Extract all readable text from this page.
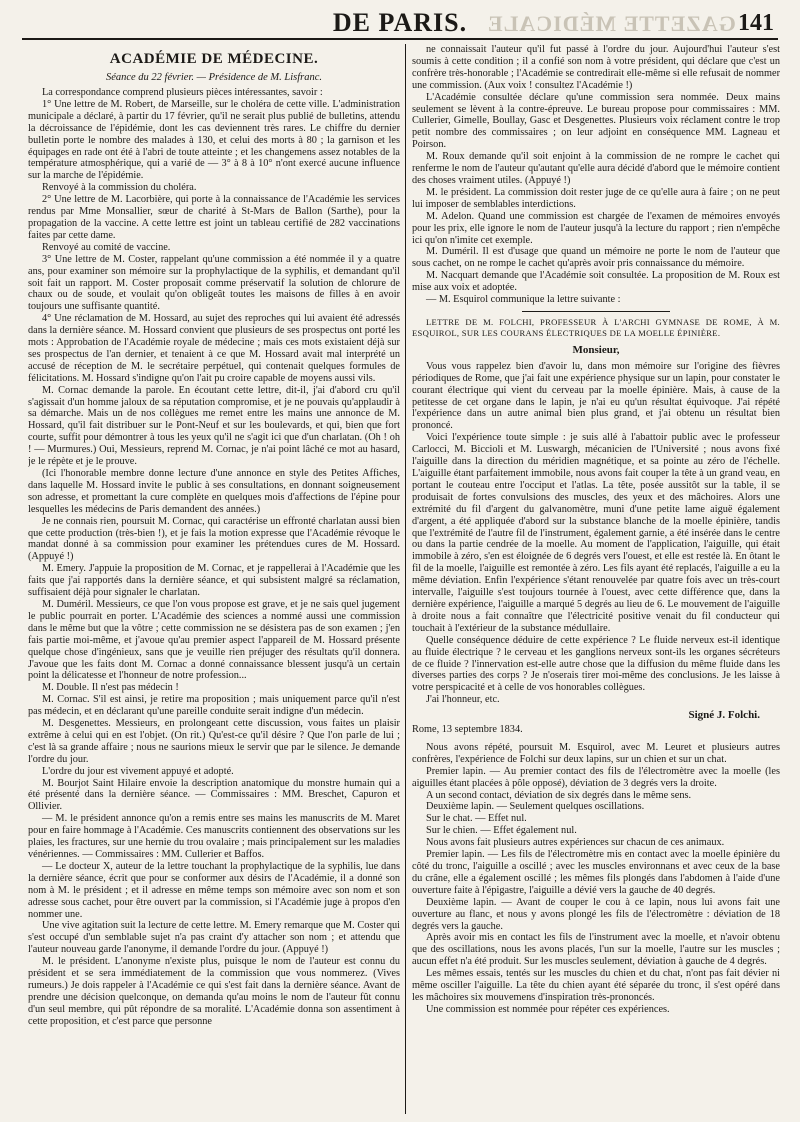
GAZETTE MÉDICALE
DE PARIS.	141
ACADÉMIE DE MÉDECINE.
Séance du 22 février. — Présidence de M. Lisfranc.

La correspondance comprend plusieurs pièces intéressantes, savoir :

1° Une lettre de M. Robert, de Marseille, sur le choléra de cette ville. L'administration municipale a déclaré, à partir du 17 février, qu'il ne serait plus publié de bulletins, attendu la décroissance de l'épidémie, dont les cas deviennent très rares. Le chiffre du dernier bulletin porte le nombre des malades à 130, et celui des morts à 80 ; la garnison et les équipages en rade ont été à l'abri de toute atteinte ; et les changemens assez notables de la température atmosphérique, qui a varié de — 3° à 8 à 10° n'ont exercé aucune influence sur la marche de l'épidémie.

Renvoyé à la commission du choléra.

2° Une lettre de M. Lacorbière, qui porte à la connaissance de l'Académie les services rendus par Mme Monsallier, sœur de charité à St-Mars de Ballon (Sarthe), pour la propagation de la vaccine. A cette lettre est joint un tableau certifié de 282 vaccinations faites par cette dame.

Renvoyé au comité de vaccine.

3° Une lettre de M. Coster, rappelant qu'une commission a été nommée il y a quatre ans, pour examiner son mémoire sur la prophylactique de la syphilis, et demandant qu'il soit fait un rapport. M. Coster proposait comme préservatif la solution de chlorure de chaux ou de soude, et voulait qu'on obligeât toutes les maisons de filles à en avoir toujours une suffisante quantité.

4° Une réclamation de M. Hossard, au sujet des reproches qui lui avaient été adressés dans la dernière séance. M. Hossard convient que plusieurs de ses prospectus ont porté les mots : Approbation de l'Académie royale de médecine ; mais ces mots existaient déjà sur ses prospectus de l'an dernier, et tenaient à ce que M. Hossard avait mal interprété un accusé de réception de M. le secrétaire perpétuel, qui contenait quelques formules de félicitations. M. Hossard s'indigne qu'on l'ait pu croire capable de moyens aussi vils.

M. Cornac demande la parole. En écoutant cette lettre, dit-il, j'ai d'abord cru qu'il s'agissait d'un homme jaloux de sa réputation compromise, et je ne pouvais qu'applaudir à sa démarche. Mais un de nos collègues me remet entre les mains une annonce de M. Hossard, qu'il fait distribuer sur le Pont-Neuf et sur les boulevards, et qui, bien que fort courte, suffit pour démontrer à tous les yeux qu'il ne s'agit ici que d'un charlatan. (Oh ! oh ! — Murmures.) Oui, Messieurs, reprend M. Cornac, je n'ai point lâché ce mot au hasard, je le répète et je le prouve.

(Ici l'honorable membre donne lecture d'une annonce en style des Petites Affiches, dans laquelle M. Hossard invite le public à ses consultations, en donnant soigneusement son adresse, et promettant la cure complète en quelques mois d'affections de l'épine pour lesquelles les médecins de Paris demandent des années.)

Je ne connais rien, poursuit M. Cornac, qui caractérise un effronté charlatan aussi bien que cette production (très-bien !), et je fais la motion expresse que l'Académie révoque le mandat donné à sa commission pour examiner les prétendues cures de M. Hossard. (Appuyé !)

M. Emery. J'appuie la proposition de M. Cornac, et je rappellerai à l'Académie que les faits que j'ai rapportés dans la dernière séance, et qui subsistent malgré sa réclamation, suffisaient déjà pour signaler le charlatan.

M. Duméril. Messieurs, ce que l'on vous propose est grave, et je ne sais quel jugement le public pourrait en porter. L'Académie des sciences a nommé aussi une commission dans le même but que la vôtre ; cette commission ne se désistera pas de son examen ; j'en fais partie moi-même, et j'avoue qu'au premier aspect l'appareil de M. Hossard présente quelque chose d'ingénieux, sans que je veuille rien préjuger des résultats qu'il donnera. J'avoue que les faits dont M. Cornac a donné connaissance blessent jusqu'à un certain point la délicatesse et l'honneur de notre profession...

M. Double. Il n'est pas médecin !

M. Cornac. S'il est ainsi, je retire ma proposition ; mais uniquement parce qu'il n'est pas médecin, et en déclarant qu'une pareille conduite serait indigne d'un médecin.

M. Desgenettes. Messieurs, en prolongeant cette discussion, vous faites un plaisir extrême à celui qui en est l'objet. (On rit.) Qu'est-ce qu'il désire ? Que l'on parle de lui ; c'est là sa grande affaire ; nous ne saurions mieux le servir que par le silence. Je demande l'ordre du jour.

L'ordre du jour est vivement appuyé et adopté.

M. Bourjot Saint Hilaire envoie la description anatomique du monstre humain qui a été présenté dans la dernière séance. — Commissaires : MM. Breschet, Capuron et Ollivier.

— M. le président annonce qu'on a remis entre ses mains les manuscrits de M. Maret pour en faire hommage à l'Académie. Ces manuscrits contiennent des observations sur les plaies, les fractures, sur une hernie du trou ovalaire ; mais principalement sur les maladies vénériennes. — Commissaires : MM. Cullerier et Baffos.

— Le docteur X, auteur de la lettre touchant la prophylactique de la syphilis, lue dans la dernière séance, écrit que pour se conformer aux désirs de l'Académie, il a donné son nom à M. le président ; et il adresse en même temps son mémoire avec son nom et son adresse sous cachet, pour être ouvert par la commission, si l'Académie juge à propos d'en nommer une.

Une vive agitation suit la lecture de cette lettre. M. Emery remarque que M. Coster qui s'est occupé d'un semblable sujet n'a pas craint d'y attacher son nom ; et attendu que l'auteur nouveau garde l'anonyme, il demande l'ordre du jour. (Appuyé !)

M. le président. L'anonyme n'existe plus, puisque le nom de l'auteur est connu du président et se sera immédiatement de la commission que vous nommerez. (Vives rumeurs.) Je dois rappeler à l'Académie ce qui s'est fait dans la dernière séance. Avant de prendre une décision quelconque, on demanda qu'au moins le nom de l'auteur fût connu d'un seul membre, qui pût répondre de sa moralité. L'Académie donna son assentiment à cette proposition, et c'est parce que personne

ne connaissait l'auteur qu'il fut passé à l'ordre du jour. Aujourd'hui l'auteur s'est soumis à cette condition ; il a confié son nom à votre président, qui déclare que c'est un confrère très-honorable ; l'Académie se contredirait elle-même si elle refusait de nommer une commission. (Aux voix ! consultez l'Académie !)

L'Académie consultée déclare qu'une commission sera nommée. Deux mains seulement se lèvent à la contre-épreuve. Le bureau propose pour commissaires : MM. Cullerier, Gimelle, Boullay, Gasc et Desgenettes. Plusieurs voix réclament contre le trop petit nombre des commissaires ; on leur adjoint en conséquence MM. Lagneau et Poirson.

M. Roux demande qu'il soit enjoint à la commission de ne rompre le cachet qui renferme le nom de l'auteur qu'autant qu'elle aura décidé d'abord que le mémoire contient des choses vraiment utiles. (Appuyé !)

M. le président. La commission doit rester juge de ce qu'elle aura à faire ; on ne peut lui imposer de semblables interdictions.

M. Adelon. Quand une commission est chargée de l'examen de mémoires envoyés pour les prix, elle ignore le nom de l'auteur jusqu'à la lecture du rapport ; rien n'empêche ici qu'on n'imite cet exemple.

M. Duméril. Il est d'usage que quand un mémoire ne porte le nom de l'auteur que sous cachet, on ne rompe le cachet qu'après avoir pris connaissance du mémoire.

M. Nacquart demande que l'Académie soit consultée. La proposition de M. Roux est mise aux voix et adoptée.

— M. Esquirol communique la lettre suivante :

LETTRE DE M. FOLCHI, PROFESSEUR À L'ARCHI GYMNASE DE ROME, À M. ESQUIROL, SUR LES COURANS ÉLECTRIQUES DE LA MOELLE ÉPINIÈRE.
Monsieur,

Vous vous rappelez bien d'avoir lu, dans mon mémoire sur l'origine des fièvres périodiques de Rome, que j'ai fait une expérience physique sur un lapin, pour constater le courant électrique qui vient du cerveau par la moelle épinière. Mais, à cause de la petitesse de cet organe dans le lapin, je n'ai eu qu'un résultat équivoque. J'ai répété l'expérience dans un autre animal bien plus grand, et j'ai obtenu un résultat bien prononcé.

Voici l'expérience toute simple : je suis allé à l'abattoir public avec le professeur Carlocci, M. Biccioli et M. Luswargh, mécanicien de l'Université ; nous avons fixé l'aiguille dans la direction du méridien magnétique, et sa pointe au zéro de l'échelle. L'aiguille étant parfaitement immobile, nous avons fait couper la tête à un grand veau, en portant le couteau entre l'occiput et l'atlas. La tête, posée aussitôt sur la table, il se produisait de fortes convulsions des muscles, des yeux et des mâchoires. Alors une extrémité du fil d'argent du galvanomètre, muni d'une petite lame aiguë également d'argent, a été appliquée d'abord sur la substance blanche de la moelle épinière, tandis que l'extrémité de l'autre fil de l'instrument, également garnie, a été insérée dans le centre ou dans la partie cendrée de la moelle. Au moment de l'application, l'aiguille, qui était immobile à zéro, s'en est éloignée de 6 degrés vers l'ouest, et elle est restée là. En ôtant le fil de la moelle, l'aiguille est remontée à zéro. Les fils ayant été replacés, l'aiguille a eu la même déviation. Enfin l'expérience s'étant renouvelée par quatre fois avec un très-court intervalle, l'aiguille s'est toujours tournée à l'ouest, avec cette différence que, dans la dernière expérience, l'aiguille a marqué 5 degrés au lieu de 6. Le mouvement de l'aiguille à droite nous a fait connaître que l'électricité positive venait du fil conducteur qui touchait à l'extérieur de la substance médullaire.

Quelle conséquence déduire de cette expérience ? Le fluide nerveux est-il identique au fluide électrique ? le cerveau et les ganglions nerveux sont-ils les organes sécréteurs de ce fluide ? l'innervation est-elle autre chose que la diffusion du même fluide dans les diverses parties des corps ? Je n'oserais tirer moi-même des conclusions. Je les laisse à votre perspicacité et à celle de vos honorables collègues.

J'ai l'honneur, etc.

Signé J. Folchi.

Rome, 13 septembre 1834.

Nous avons répété, poursuit M. Esquirol, avec M. Leuret et plusieurs autres confrères, l'expérience de Folchi sur deux lapins, sur un chien et sur un chat.

Premier lapin. — Au premier contact des fils de l'électromètre avec la moelle (les aiguilles étant placées à pôle opposé), déviation de 3 degrés vers la droite.

A un second contact, déviation de six degrés dans le même sens.

Deuxième lapin. — Seulement quelques oscillations.

Sur le chat. — Effet nul.

Sur le chien. — Effet également nul.

Nous avons fait plusieurs autres expériences sur chacun de ces animaux.

Premier lapin. — Les fils de l'électromètre mis en contact avec la moelle épinière du côté du tronc, l'aiguille a oscillé ; avec les muscles environnans et avec ceux de la base du crâne, elle a également oscillé ; les mêmes fils plongés dans l'abdomen à l'aide d'une ouverture faite à l'épigastre, l'aiguille a dévié vers la gauche de 40 degrés.

Deuxième lapin. — Avant de couper le cou à ce lapin, nous lui avons fait une ouverture au flanc, et nous y avons plongé les fils de l'électromètre : déviation de 18 degrés vers la gauche.

Après avoir mis en contact les fils de l'instrument avec la moelle, et n'avoir obtenu que des oscillations, nous les avons placés, l'un sur la moelle, l'autre sur les muscles ; aucun effet n'a été produit. Sur les muscles seulement, déviation à gauche de 4 degrés.

Les mêmes essais, tentés sur les muscles du chien et du chat, n'ont pas fait dévier ni même osciller l'aiguille. La tête du chien ayant été séparée du tronc, il s'est opéré dans les mâchoires six mouvemens d'inspiration très-prononcés.

Une commission est nommée pour répéter ces expériences.
